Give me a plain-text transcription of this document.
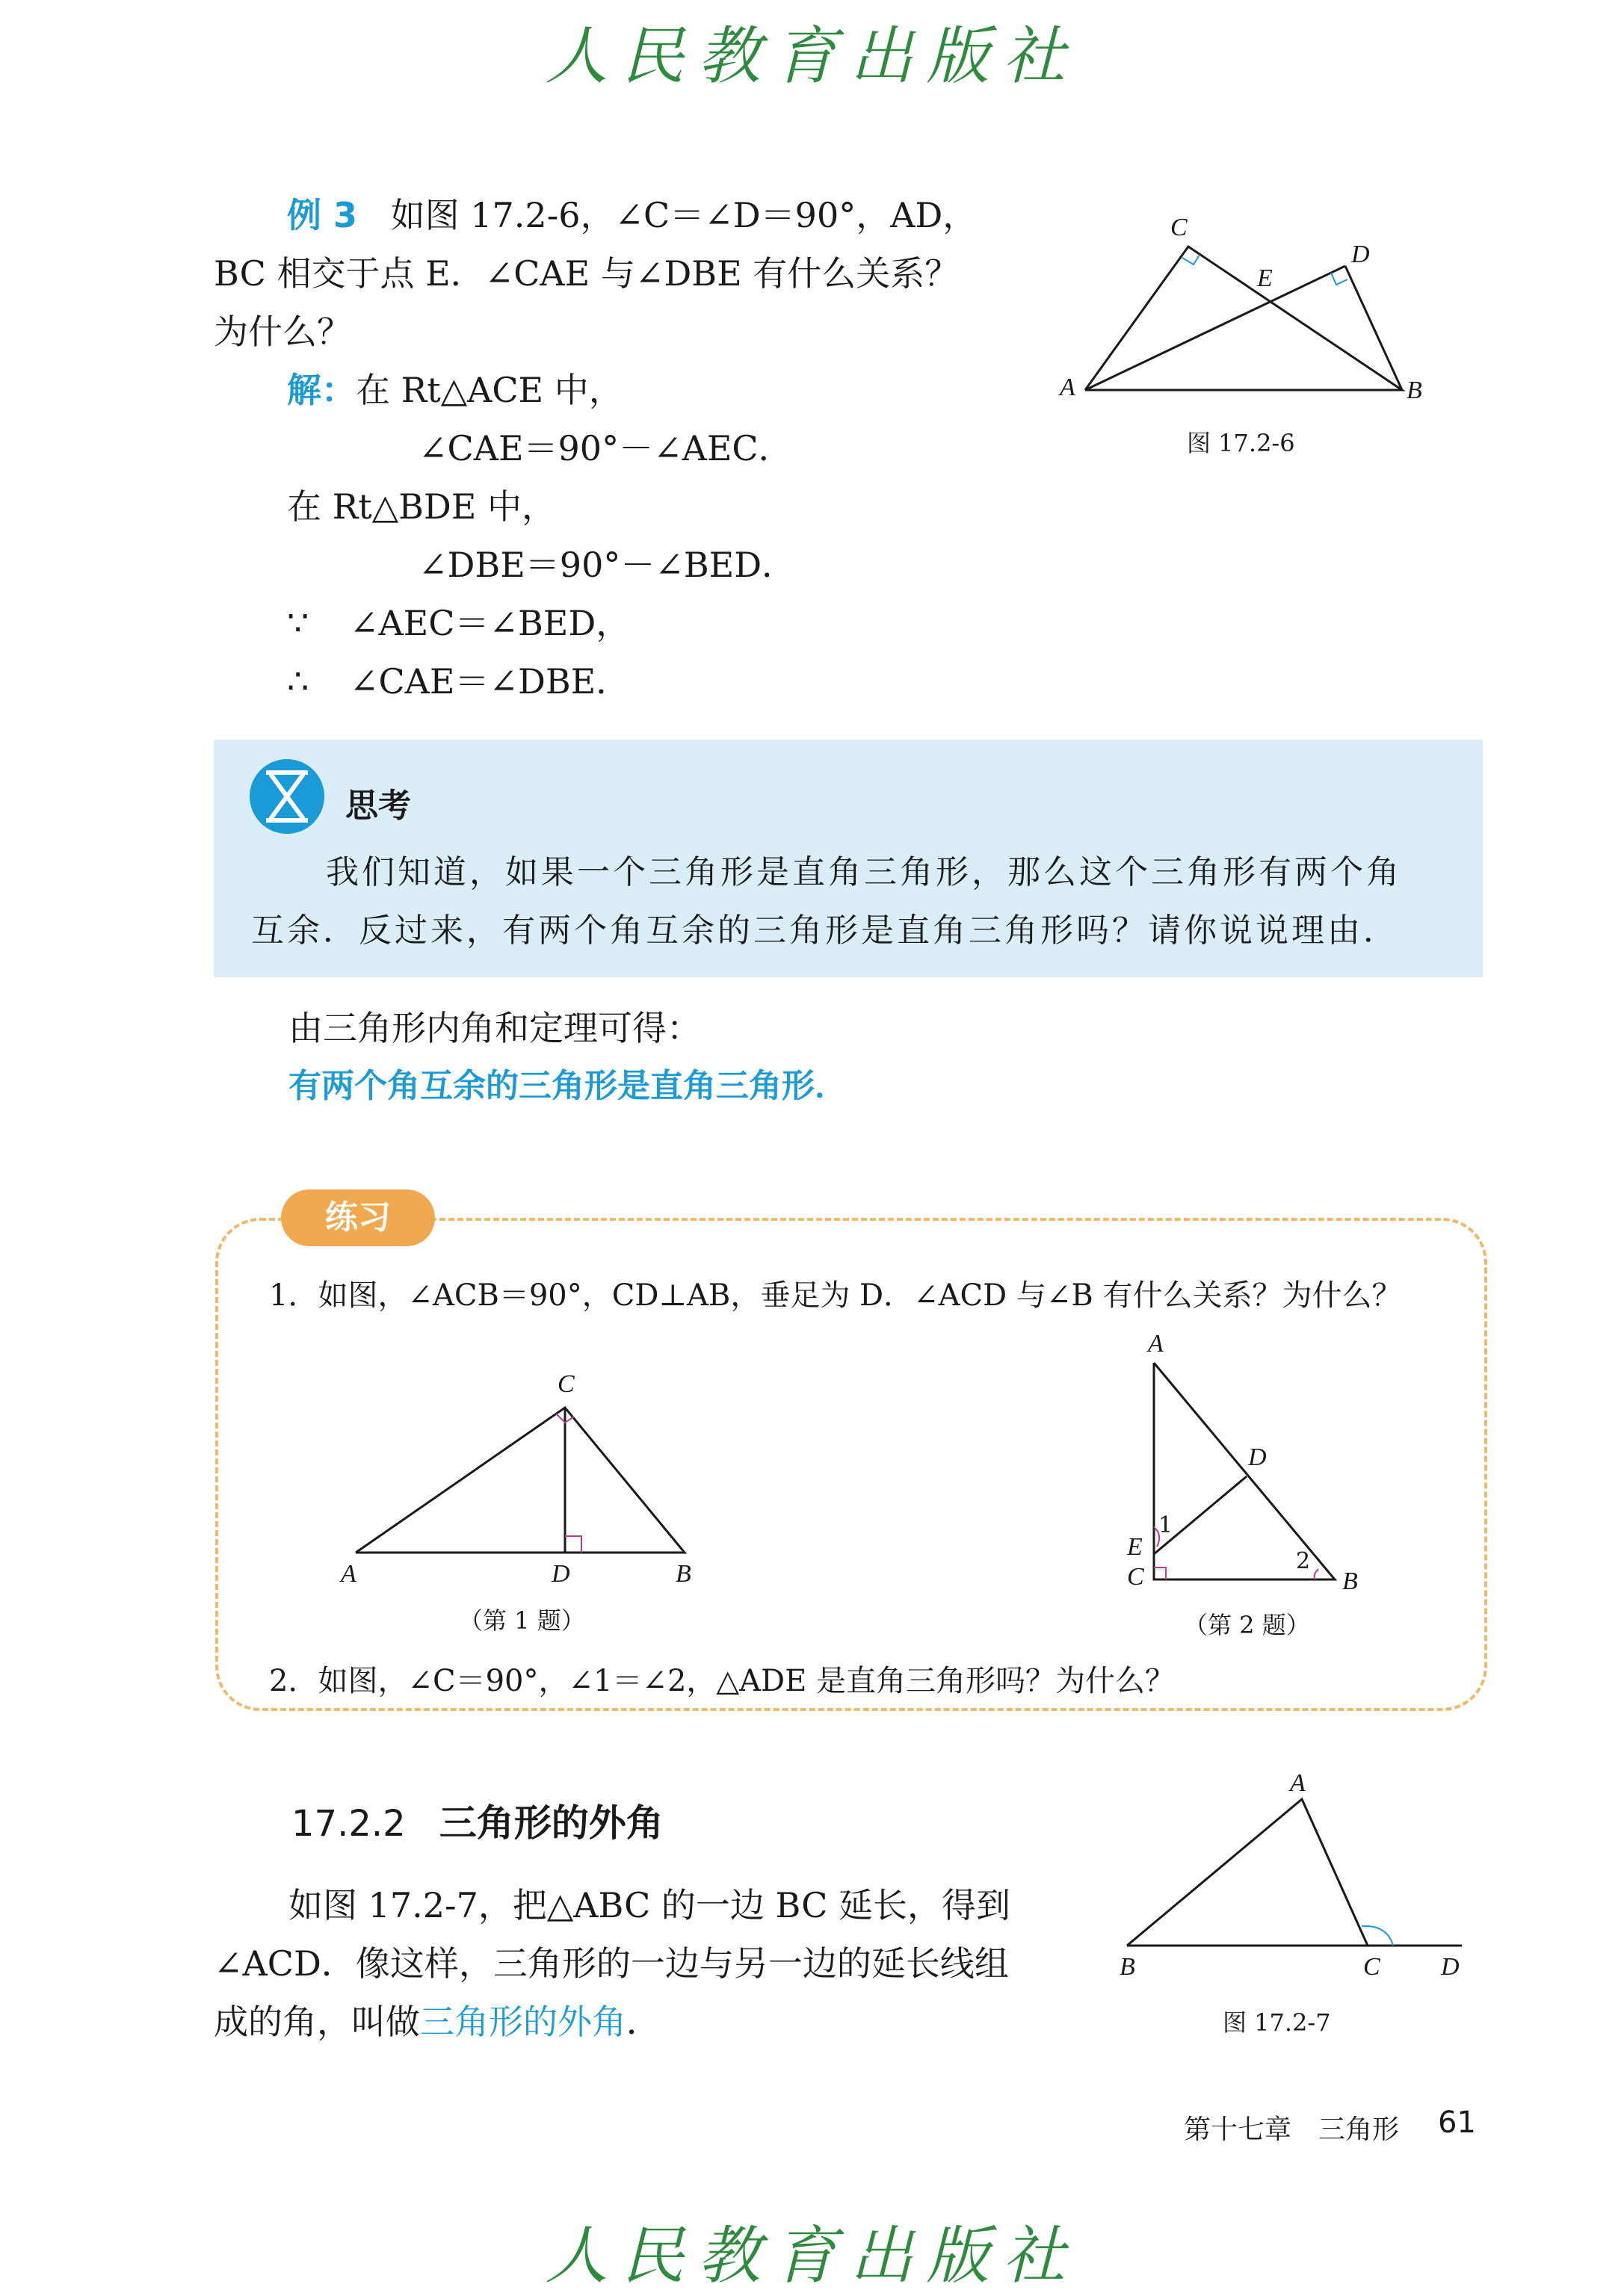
人民教育出版社
例 3 如图 17.2-6，∠C＝∠D＝90°，AD，
BC 相交于点 E．∠CAE 与∠DBE 有什么关系？
为什么？
解：在 Rt△ACE 中，
∠CAE＝90°－∠AEC．
在 Rt△BDE 中，
∠DBE＝90°－∠BED．
∵ ∠AEC＝∠BED，
∴ ∠CAE＝∠DBE．
C
D
E
A	B
图 17.2-6
思考
我们知道，如果一个三角形是直角三角形，那么这个三角形有两个角
互余．反过来，有两个角互余的三角形是直角三角形吗？请你说说理由．
由三角形内角和定理可得：
有两个角互余的三角形是直角三角形．
练习
1．如图，∠ACB＝90°，CD⊥AB，垂足为 D．∠ACD 与∠B 有什么关系？为什么？
C
A	D	B
（第 1 题）
A
D
E
C	B
1
2
（第 2 题）
2．如图，∠C＝90°，∠1＝∠2，△ADE 是直角三角形吗？为什么？
17.2.2 三角形的外角
如图 17.2-7，把△ABC 的一边 BC 延长，得到
∠ACD．像这样，三角形的一边与另一边的延长线组
成的角，叫做三角形的外角．
A
B	C D
图 17.2-7
第十七章　三角形 61
人民教育出版社
